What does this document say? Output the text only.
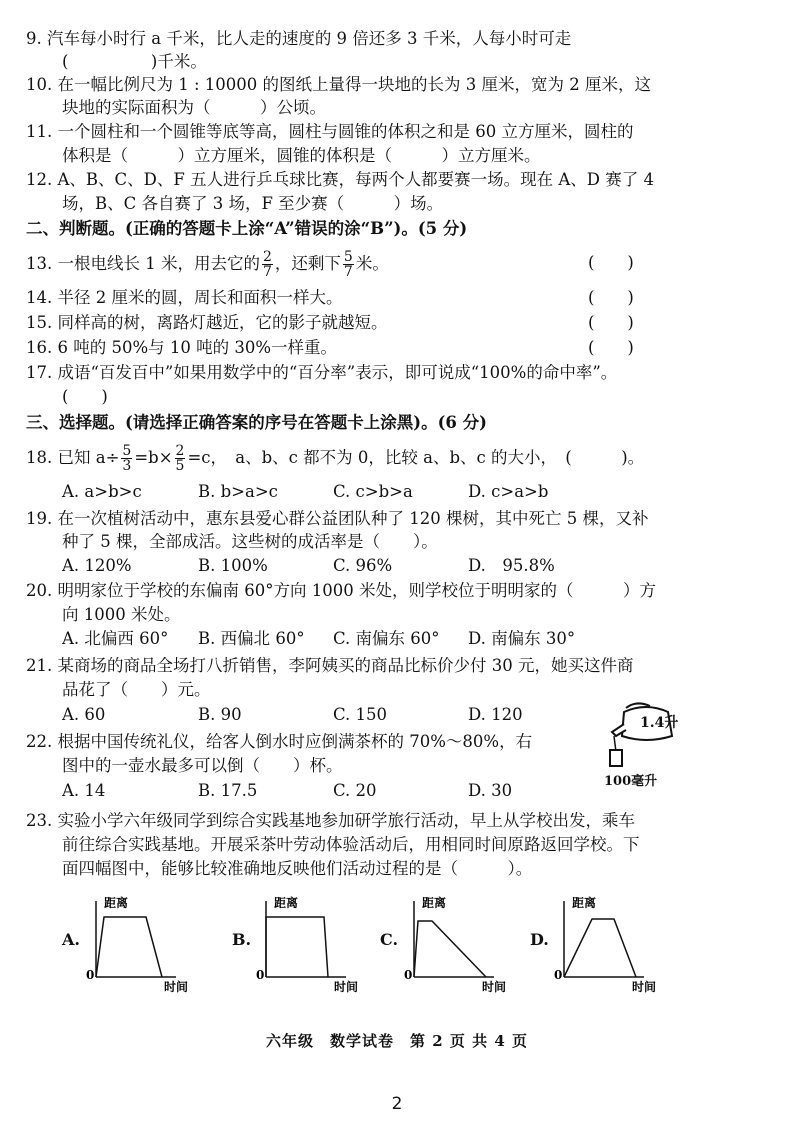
9. 汽车每小时行 a 千米，比人走的速度的 9 倍还多 3 千米，人每小时可走
(　　　　　)千米。
10. 在一幅比例尺为 1 : 10000 的图纸上量得一块地的长为 3 厘米，宽为 2 厘米，这
块地的实际面积为（　　　）公顷。
11. 一个圆柱和一个圆锥等底等高，圆柱与圆锥的体积之和是 60 立方厘米，圆柱的
体积是（　　　）立方厘米，圆锥的体积是（　　　）立方厘米。
12. A、B、C、D、F 五人进行乒乓球比赛，每两个人都要赛一场。现在 A、D 赛了 4
场，B、C 各自赛了 3 场，F 至少赛（　　　）场。
二、判断题。(正确的答题卡上涂“A”错误的涂“B”)。(5 分)
13. 一根电线长 1 米，用去它的 $\frac{2}{7}$ ，还剩下 $\frac{5}{7}$ 米。	(　　)
14. 半径 2 厘米的圆，周长和面积一样大。	(　　)
15. 同样高的树，离路灯越近，它的影子就越短。	(　　)
16. 6 吨的 50%与 10 吨的 30%一样重。	(　　)
17. 成语“百发百中”如果用数学中的“百分率”表示，即可说成“100%的命中率”。
(　　)
三、选择题。(请选择正确答案的序号在答题卡上涂黑)。(6 分)
18. 已知 $a\div \frac{5}{3} =b\times \frac{2}{5} =c$，　a、b、c 都不为 0，比较 a、b、c 的大小，　(　　　)。
A. a>b>c	B. b>a>c	C. c>b>a	D. c>a>b
19. 在一次植树活动中，惠东县爱心群公益团队种了 120 棵树，其中死亡 5 棵，又补
种了 5 棵，全部成活。这些树的成活率是（　　）。
A. 120%	B. 100%	C. 96%	D.　95.8%
20. 明明家位于学校的东偏南 60°方向 1000 米处，则学校位于明明家的（　　　）方
向 1000 米处。
A. 北偏西 60° B. 西偏北 60° C. 南偏东 60° D. 南偏东 30°
21. 某商场的商品全场打八折销售，李阿姨买的商品比标价少付 30 元，她买这件商
品花了（　　）元。
A. 60	B. 90	C. 150	D. 120
22. 根据中国传统礼仪，给客人倒水时应倒满茶杯的 70%～80%，右
图中的一壶水最多可以倒（　　）杯。
A. 14	B. 17.5	C. 20	D. 30
1.4升
100毫升
23. 实验小学六年级同学到综合实践基地参加研学旅行活动，早上从学校出发，乘车
前往综合实践基地。开展采茶叶劳动体验活动后，用相同时间原路返回学校。下
面四幅图中，能够比较准确地反映他们活动过程的是（　　　）。
A.
距离
时间
0
B.
距离
时间
0
C.
距离
时间
0
D.
距离
时间
0
六年级　数学试卷　第 2 页 共 4 页
2
